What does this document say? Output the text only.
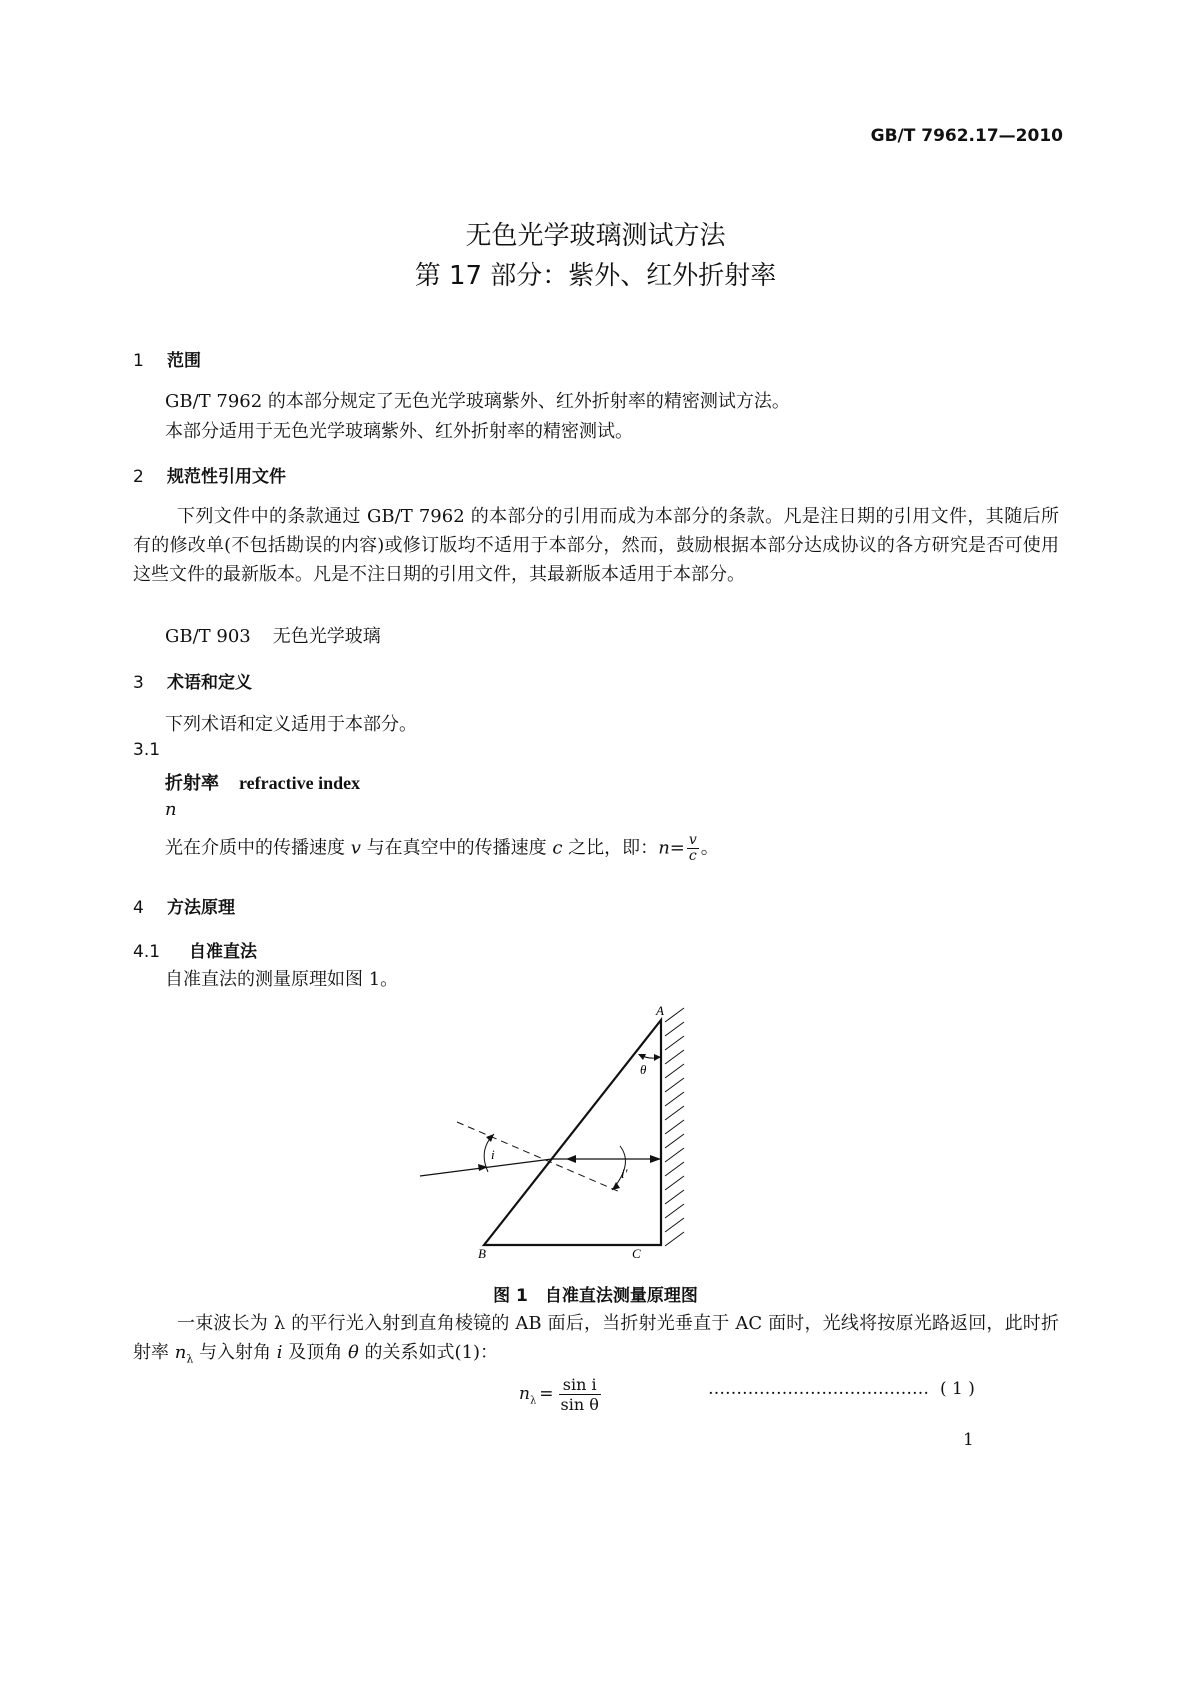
GB/T 7962.17—2010
无色光学玻璃测试方法
第 17 部分：紫外、红外折射率
1 范围
GB/T 7962 的本部分规定了无色光学玻璃紫外、红外折射率的精密测试方法。
本部分适用于无色光学玻璃紫外、红外折射率的精密测试。
2 规范性引用文件
下列文件中的条款通过 GB/T 7962 的本部分的引用而成为本部分的条款。凡是注日期的引用文件，其随后所有的修改单(不包括勘误的内容)或修订版均不适用于本部分，然而，鼓励根据本部分达成协议的各方研究是否可使用这些文件的最新版本。凡是不注日期的引用文件，其最新版本适用于本部分。
GB/T 903 无色光学玻璃
3 术语和定义
下列术语和定义适用于本部分。
3.1
折射率 refractive index
n
光在介质中的传播速度 v 与在真空中的传播速度 c 之比，即：$n= \frac{v}{c}$ 。
4 方法原理
4.1 自准直法
自准直法的测量原理如图 1。
A
B	C
θ
i
i′
图 1　自准直法测量原理图
一束波长为 λ 的平行光入射到直角棱镜的 AB 面后，当折射光垂直于 AC 面时，光线将按原光路返回，此时折射率 $n_\lambda$ 与入射角 i 及顶角 θ 的关系如式(1)：
$n_\lambda = \frac{\text{sin i}}{\text{sin θ}}$	………………………………… ( 1 )
1
